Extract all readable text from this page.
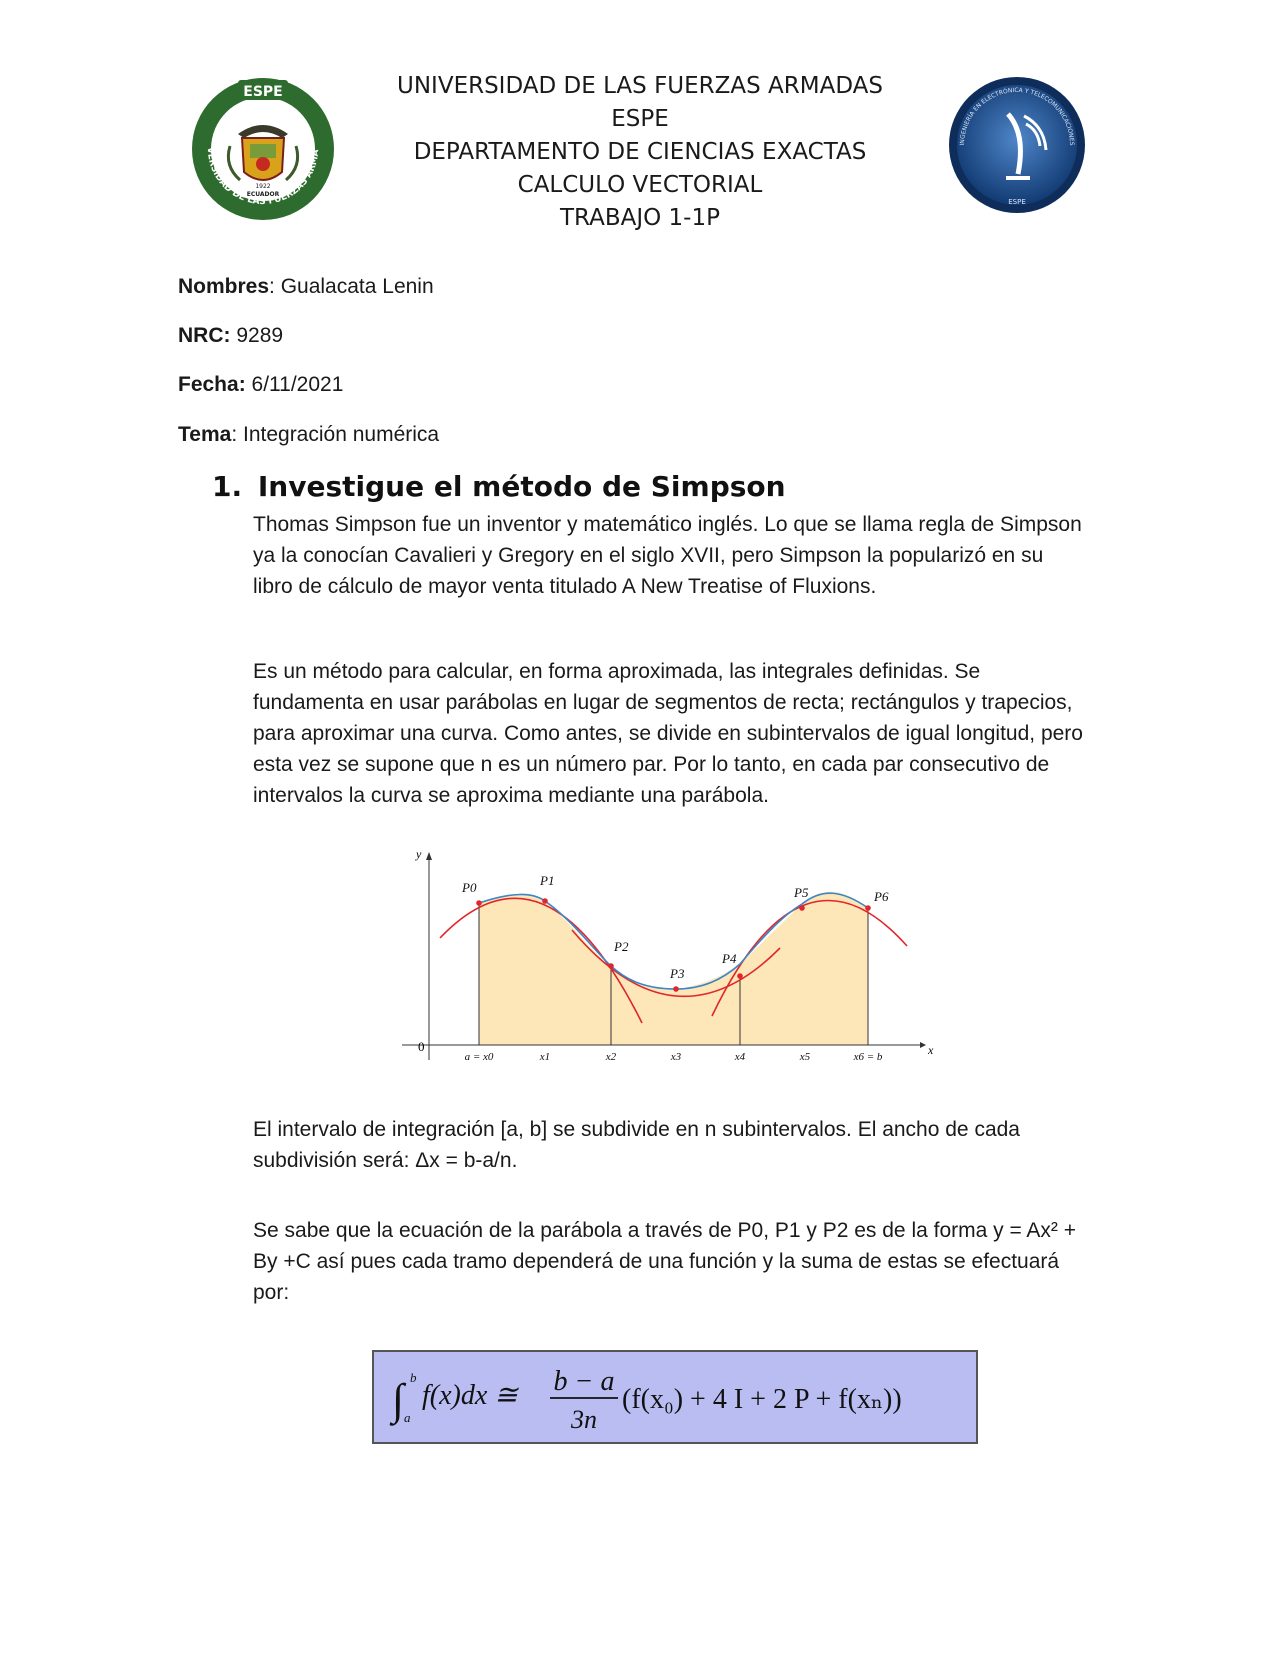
ESPE
VERSIDAD DE LAS FUERZAS ARMA
1922
ECUADOR
UNIVERSIDAD DE LAS FUERZAS ARMADAS
ESPE
DEPARTAMENTO DE CIENCIAS EXACTAS
CALCULO VECTORIAL
TRABAJO 1-1P
INGENIERÍA EN ELECTRÓNICA Y TELECOMUNICACIONES
ESPE
Nombres: Gualacata Lenin
NRC: 9289
Fecha: 6/11/2021
Tema: Integración numérica
1. Investigue el método de Simpson
Thomas Simpson fue un inventor y matemático inglés. Lo que se llama regla de Simpson ya la conocían Cavalieri y Gregory en el siglo XVII, pero Simpson la popularizó en su libro de cálculo de mayor venta titulado A New Treatise of Fluxions.
Es un método para calcular, en forma aproximada, las integrales definidas. Se fundamenta en usar parábolas en lugar de segmentos de recta; rectángulos y trapecios, para aproximar una curva. Como antes, se divide en subintervalos de igual longitud, pero esta vez se supone que n es un número par. Por lo tanto, en cada par consecutivo de intervalos la curva se aproxima mediante una parábola.
y
x
0
P0	P1
P2
P3
P4
P5	P6
a = x0	x1	x2	x3	x4	x5	x6 = b
El intervalo de integración [a, b] se subdivide en n subintervalos. El ancho de cada subdivisión será: Δx = b-a/n.
Se sabe que la ecuación de la parábola a través de P0, P1 y P2 es de la forma y = Ax² + By +C así pues cada tramo dependerá de una función y la suma de estas se efectuará por:
∫ b
a
f(x)dx ≅ b − a
3n
(f(x₀) + 4 I + 2 P + f(xₙ))
